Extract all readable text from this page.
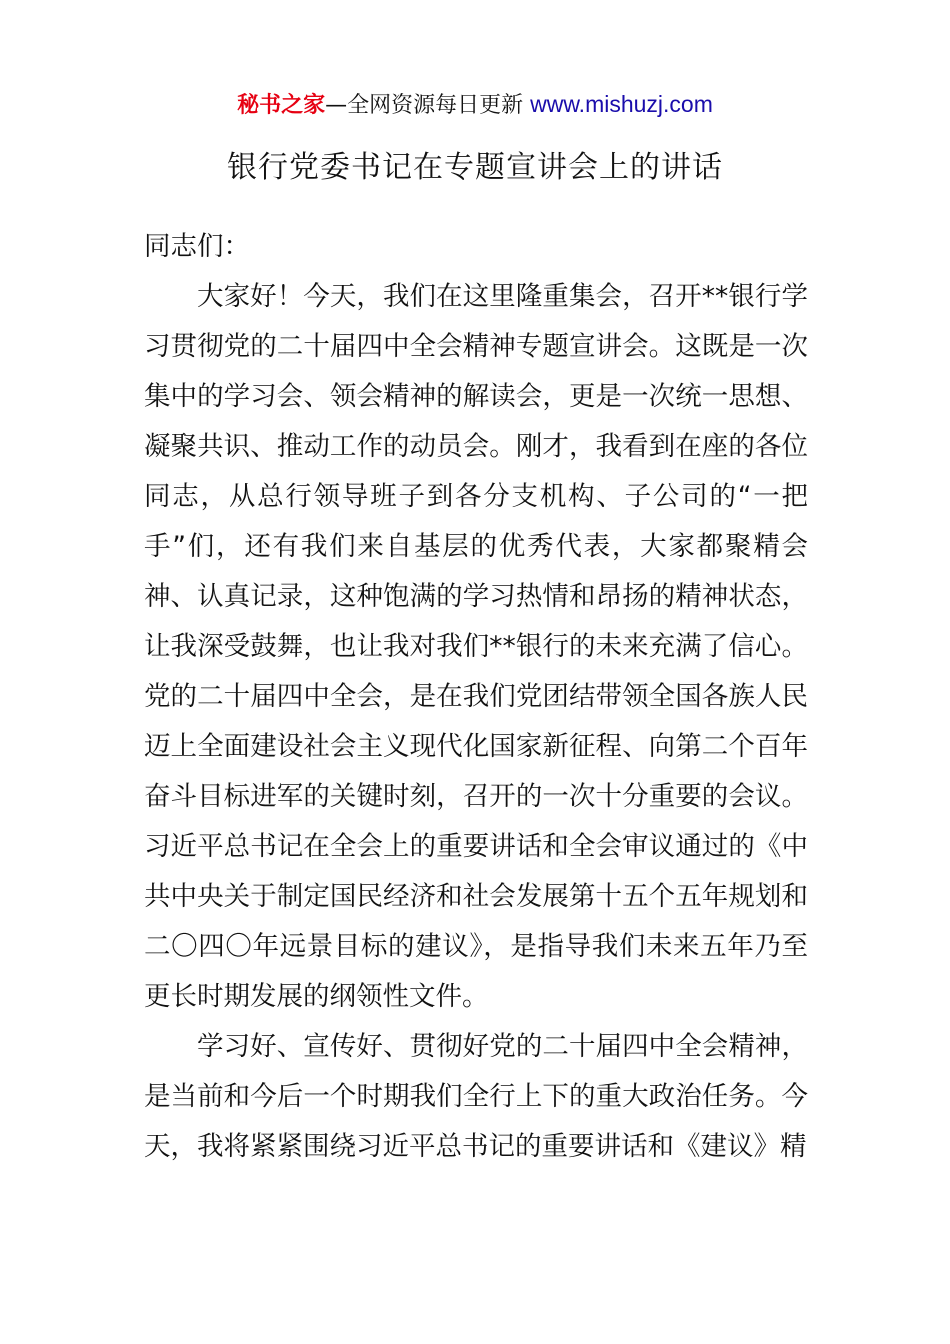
秘书之家—全网资源每日更新 www.mishuzj.com
银行党委书记在专题宣讲会上的讲话

同志们：

大家好！今天，我们在这里隆重集会，召开**银行学习贯彻党的二十届四中全会精神专题宣讲会。这既是一次集中的学习会、领会精神的解读会，更是一次统一思想、凝聚共识、推动工作的动员会。刚才，我看到在座的各位同志，从总行领导班子到各分支机构、子公司的“一把手”们，还有我们来自基层的优秀代表，大家都聚精会神、认真记录，这种饱满的学习热情和昂扬的精神状态，让我深受鼓舞，也让我对我们**银行的未来充满了信心。党的二十届四中全会，是在我们党团结带领全国各族人民迈上全面建设社会主义现代化国家新征程、向第二个百年奋斗目标进军的关键时刻，召开的一次十分重要的会议。习近平总书记在全会上的重要讲话和全会审议通过的《中共中央关于制定国民经济和社会发展第十五个五年规划和二〇四〇年远景目标的建议》，是指导我们未来五年乃至更长时期发展的纲领性文件。

学习好、宣传好、贯彻好党的二十届四中全会精神，是当前和今后一个时期我们全行上下的重大政治任务。今天，我将紧紧围绕习近平总书记的重要讲话和《建议》精
